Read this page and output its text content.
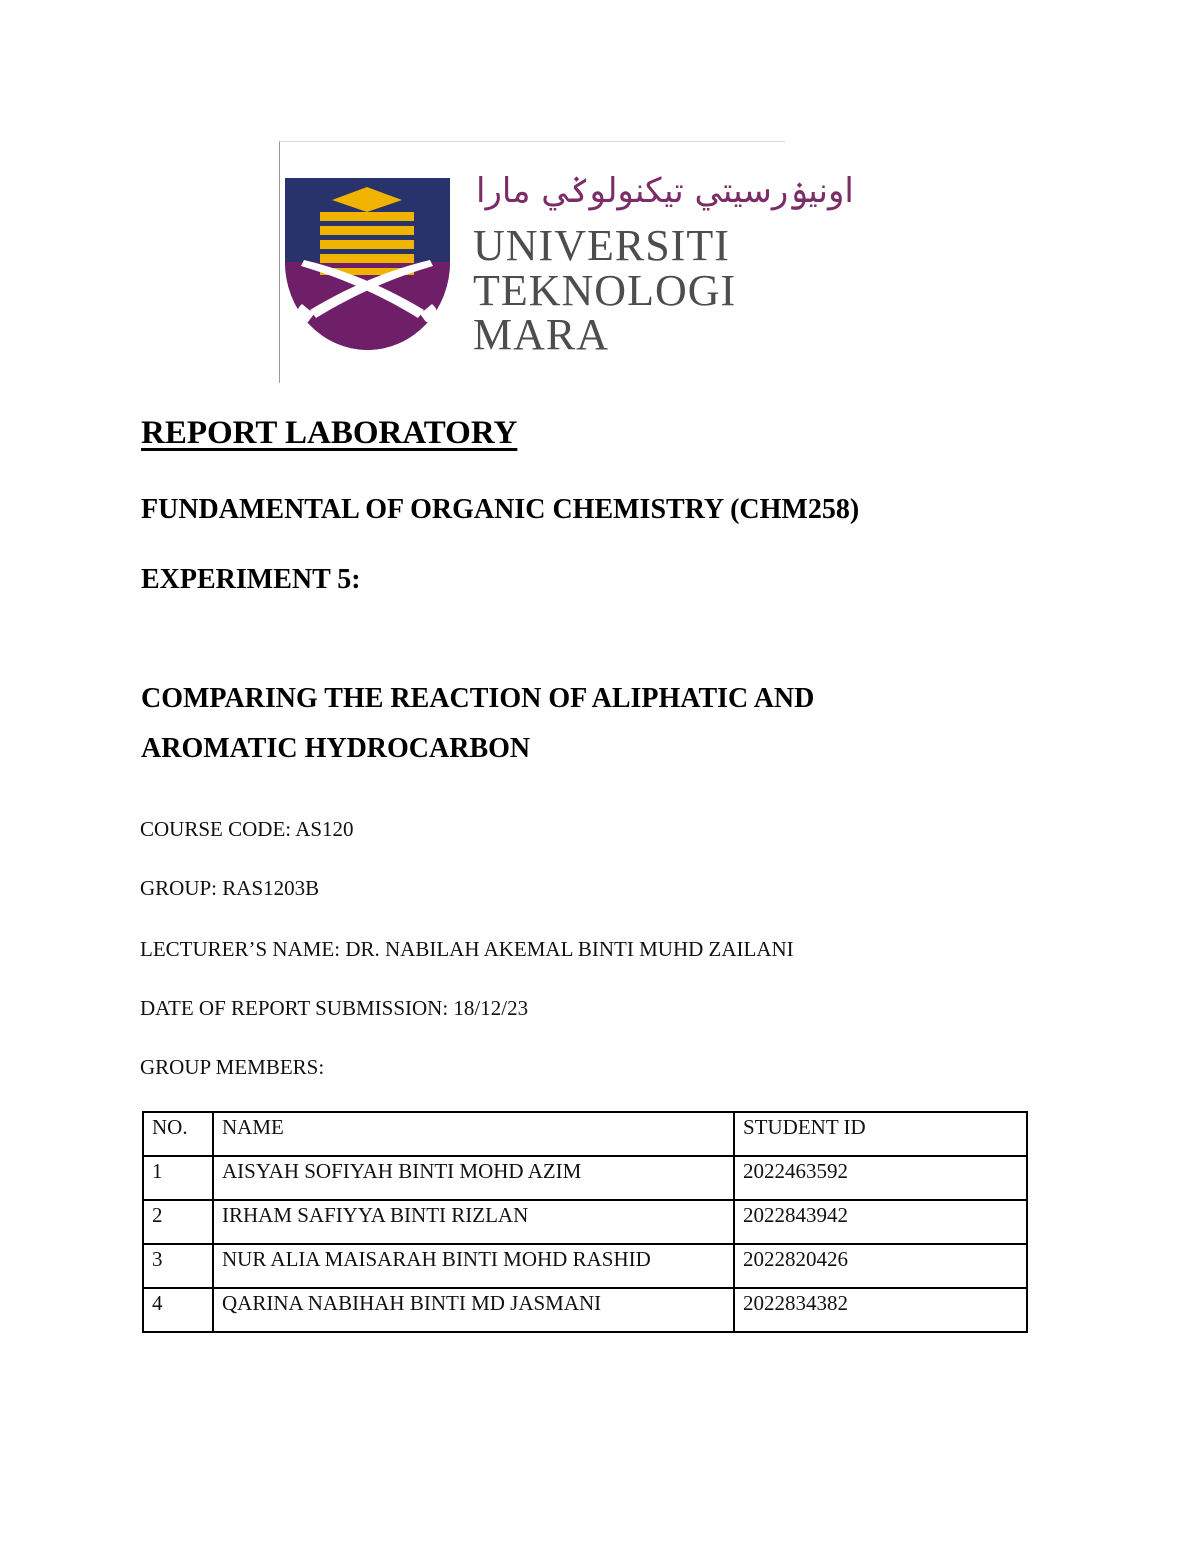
اونيۏرسيتي تيکنولوݢي مارا
UNIVERSITI
TEKNOLOGI
MARA
REPORT LABORATORY
FUNDAMENTAL OF ORGANIC CHEMISTRY (CHM258)
EXPERIMENT 5:
COMPARING THE REACTION OF ALIPHATIC AND
AROMATIC HYDROCARBON
COURSE CODE: AS120
GROUP: RAS1203B
LECTURER’S NAME: DR. NABILAH AKEMAL BINTI MUHD ZAILANI
DATE OF REPORT SUBMISSION: 18/12/23
GROUP MEMBERS:
NO.	NAME	STUDENT ID
1	AISYAH SOFIYAH BINTI MOHD AZIM	2022463592
2	IRHAM SAFIYYA BINTI RIZLAN	2022843942
3	NUR ALIA MAISARAH BINTI MOHD RASHID	2022820426
4	QARINA NABIHAH BINTI MD JASMANI	2022834382
